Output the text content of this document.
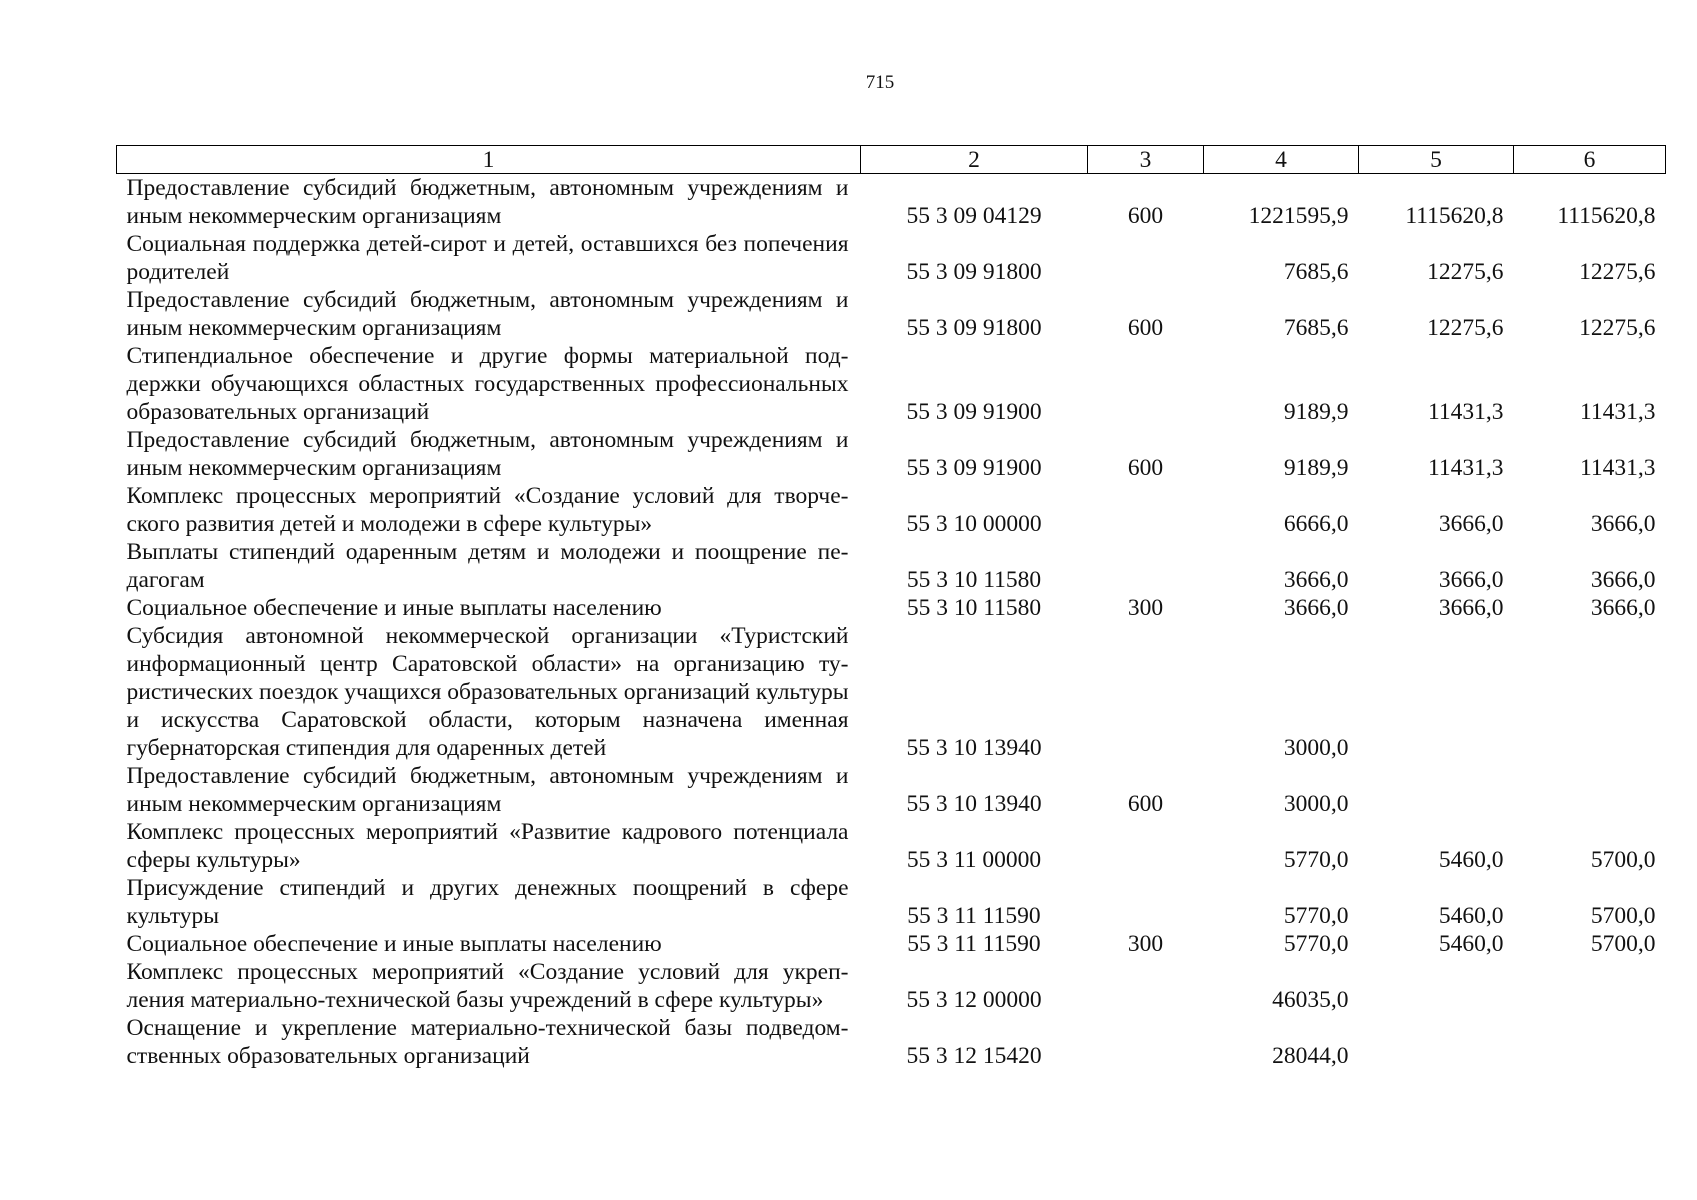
715
1	2	3	4	5	6
Предоставление субсидий бюджетным, автономным учреждениям и иным некоммерческим организациям	55 3 09 04129	600	1221595,9	1115620,8	1115620,8
Социальная поддержка детей-сирот и детей, оставшихся без попечения родителей	55 3 09 91800		7685,6	12275,6	12275,6
Предоставление субсидий бюджетным, автономным учреждениям и иным некоммерческим организациям	55 3 09 91800	600	7685,6	12275,6	12275,6
Стипендиальное обеспечение и другие формы материальной поддержки обучающихся областных государственных профессиональных образовательных организаций	55 3 09 91900		9189,9	11431,3	11431,3
Предоставление субсидий бюджетным, автономным учреждениям и иным некоммерческим организациям	55 3 09 91900	600	9189,9	11431,3	11431,3
Комплекс процессных мероприятий «Создание условий для творческого развития детей и молодежи в сфере культуры»	55 3 10 00000		6666,0	3666,0	3666,0
Выплаты стипендий одаренным детям и молодежи и поощрение педагогам	55 3 10 11580		3666,0	3666,0	3666,0
Социальное обеспечение и иные выплаты населению	55 3 10 11580	300	3666,0	3666,0	3666,0
Субсидия автономной некоммерческой организации «Туристский информационный центр Саратовской области» на организацию туристических поездок учащихся образовательных организаций культуры и искусства Саратовской области, которым назначена именная губернаторская стипендия для одаренных детей	55 3 10 13940		3000,0		
Предоставление субсидий бюджетным, автономным учреждениям и иным некоммерческим организациям	55 3 10 13940	600	3000,0		
Комплекс процессных мероприятий «Развитие кадрового потенциала сферы культуры»	55 3 11 00000		5770,0	5460,0	5700,0
Присуждение стипендий и других денежных поощрений в сфере культуры	55 3 11 11590		5770,0	5460,0	5700,0
Социальное обеспечение и иные выплаты населению	55 3 11 11590	300	5770,0	5460,0	5700,0
Комплекс процессных мероприятий «Создание условий для укрепления материально-технической базы учреждений в сфере культуры»	55 3 12 00000		46035,0		
Оснащение и укрепление материально-технической базы подведомственных образовательных организаций	55 3 12 15420		28044,0		
